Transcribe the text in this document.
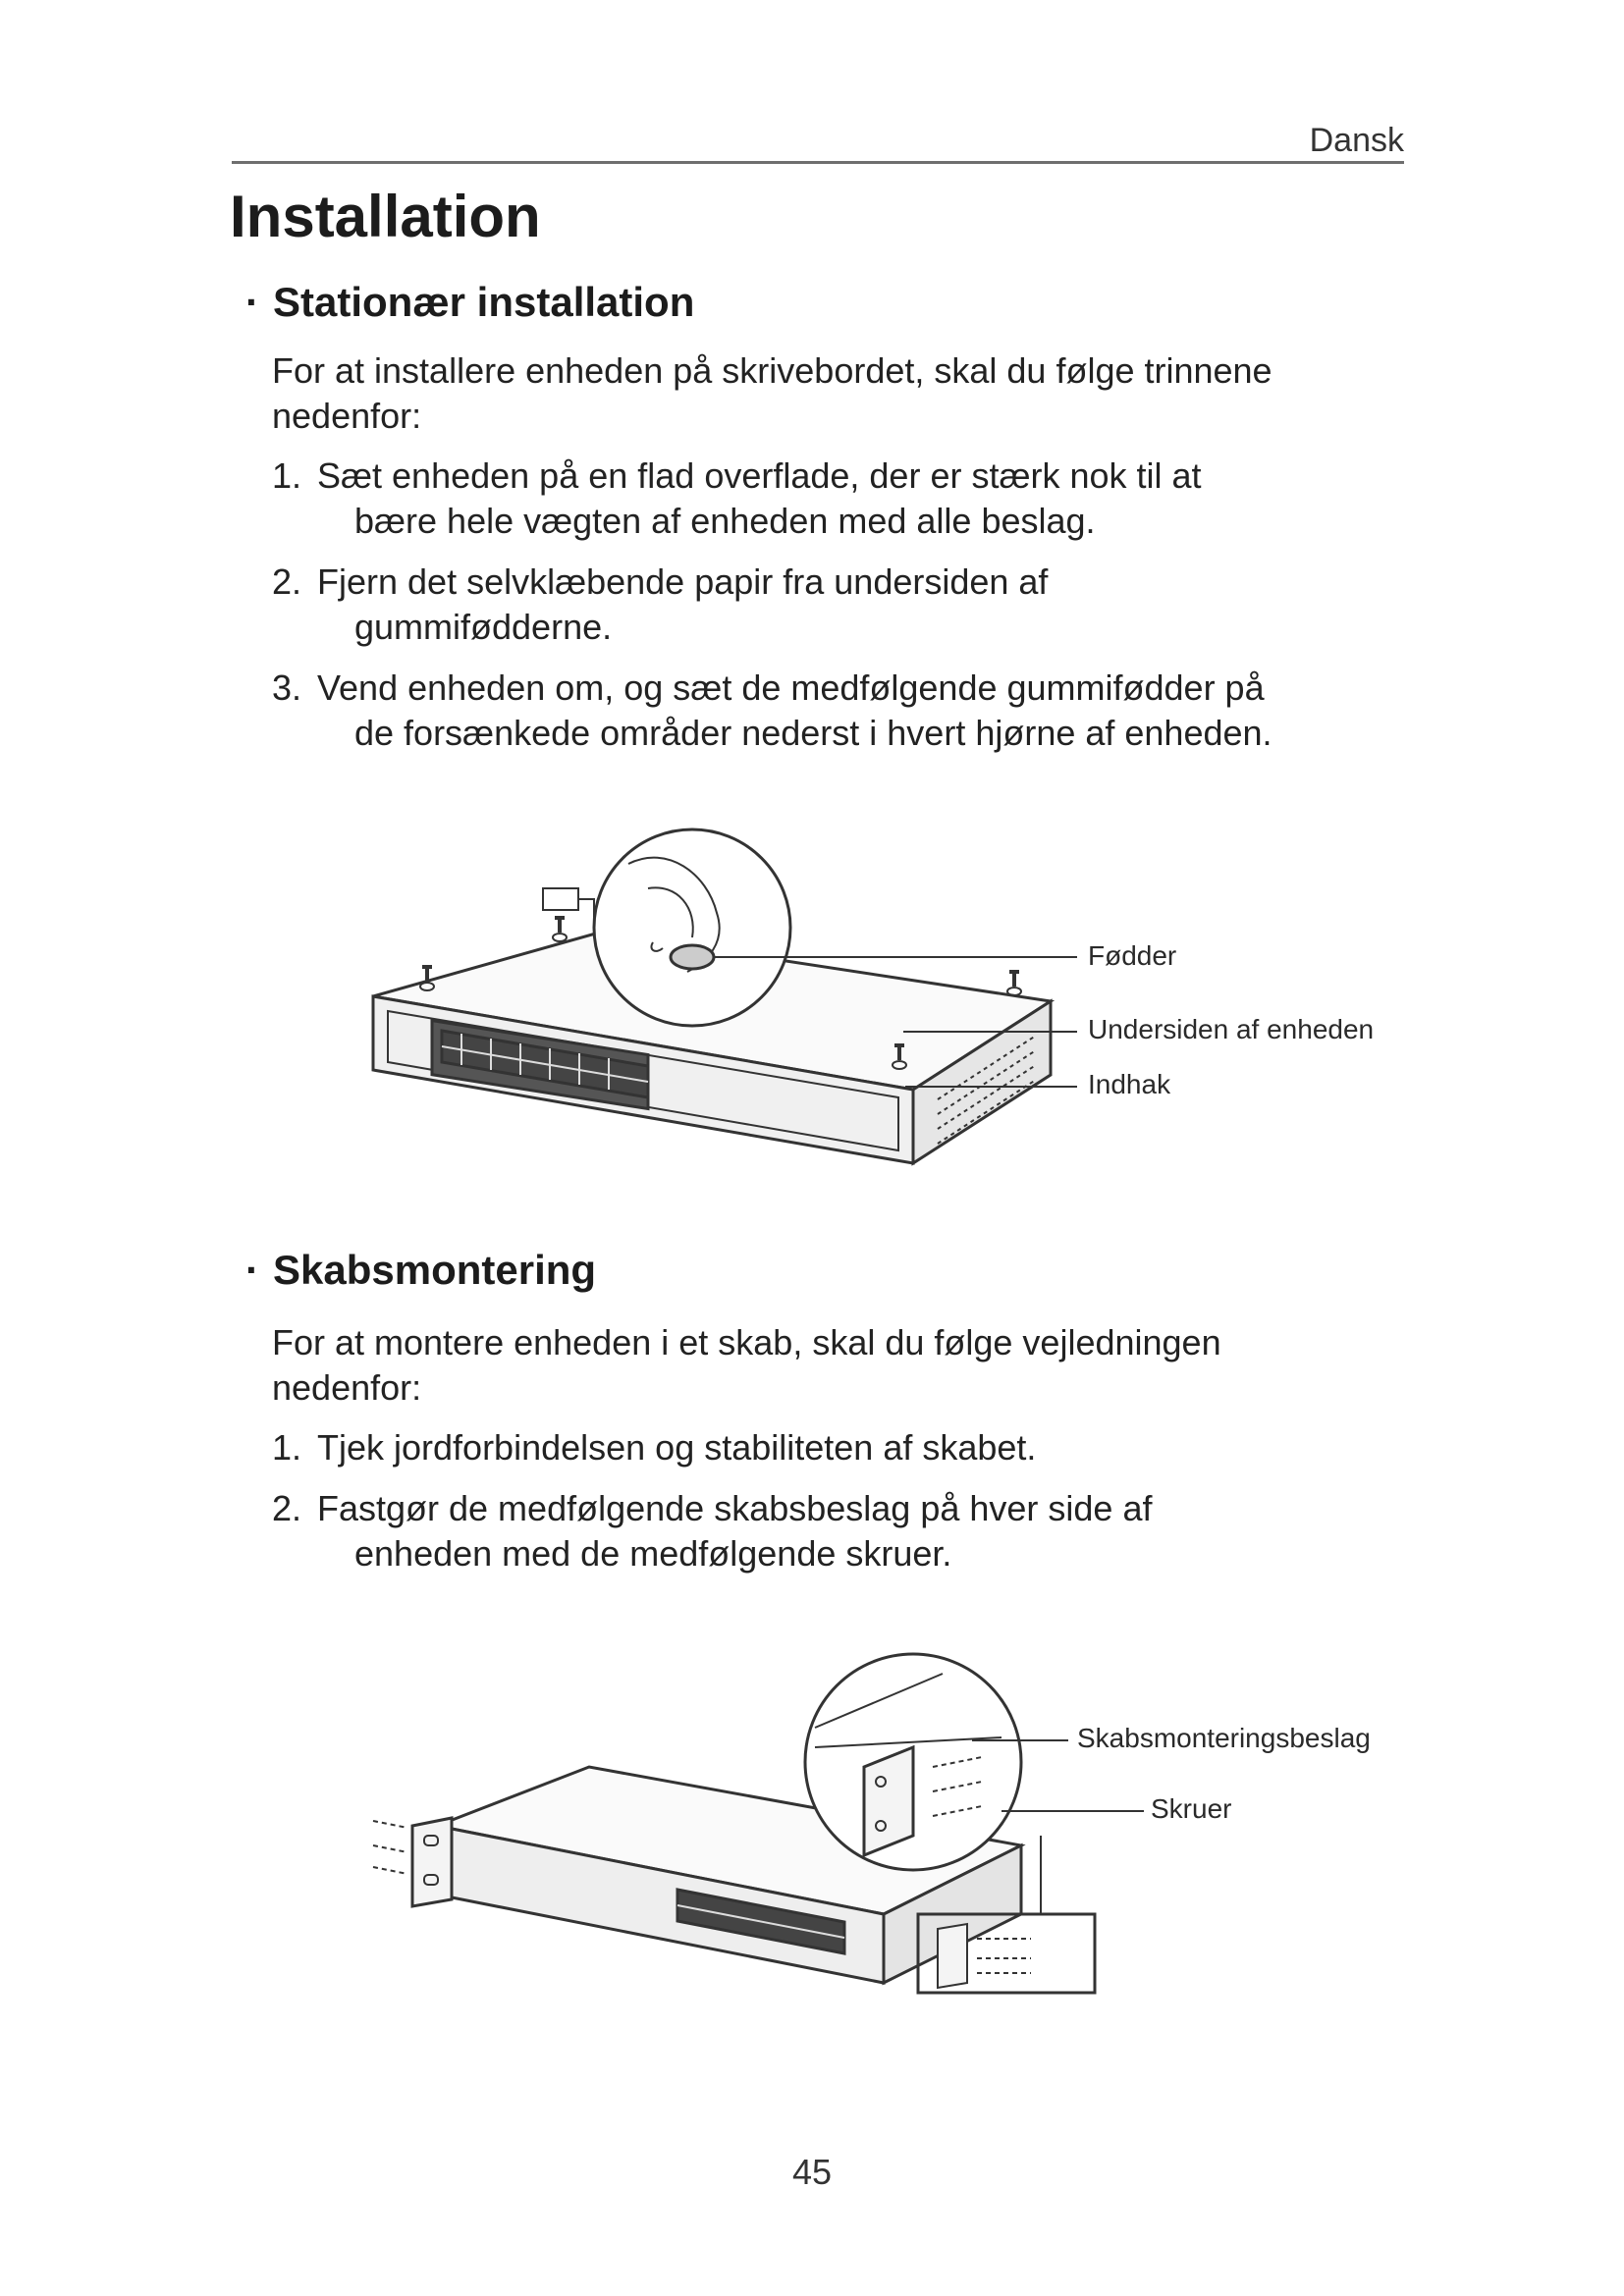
Dansk
Installation
· Stationær installation

For at installere enheden på skrivebordet, skal du følge trinnene
nedenfor:

1. Sæt enheden på en flad overflade, der er stærk nok til at
bære hele vægten af enheden med alle beslag.
2. Fjern det selvklæbende papir fra undersiden af
gummifødderne.
3. Vend enheden om, og sæt de medfølgende gummifødder på
de forsænkede områder nederst i hvert hjørne af enheden.
Fødder
Undersiden af enheden
Indhak
· Skabsmontering

For at montere enheden i et skab, skal du følge vejledningen
nedenfor:

1. Tjek jordforbindelsen og stabiliteten af skabet.
2. Fastgør de medfølgende skabsbeslag på hver side af
enheden med de medfølgende skruer.
Skabsmonteringsbeslag
Skruer
45
